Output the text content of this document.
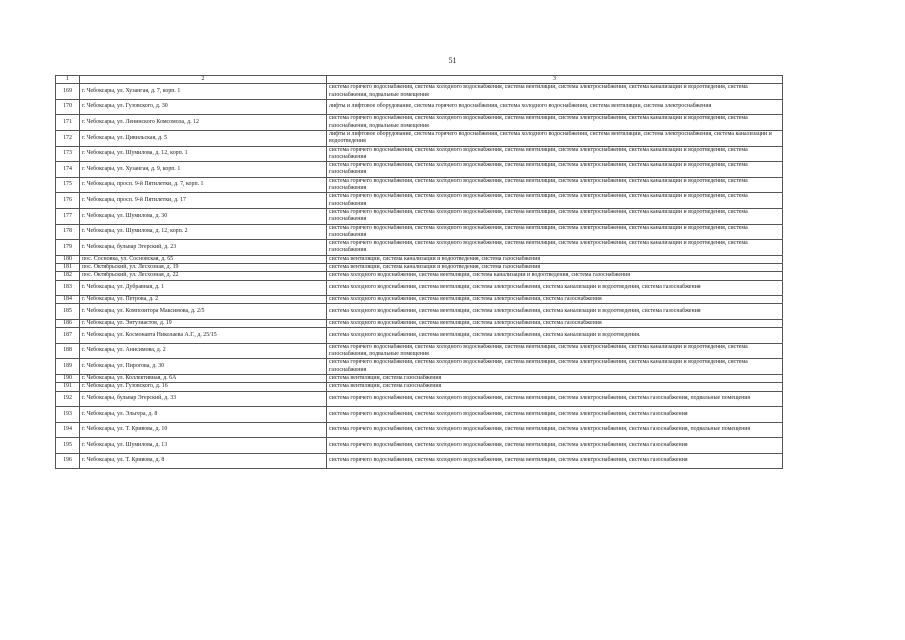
51
1	2	3
169	г. Чебоксары, ул. Хузангая, д. 7, корп. 1	система горячего водоснабжения, система холодного водоснабжения, система вентиляции, система электроснабжения, система канализации и водоотведения, система газоснабжения, подвальные помещения
170	г. Чебоксары, ул. Гузовского, д. 30	лифты и лифтовое оборудование, система горячего водоснабжения, система холодного водоснабжения, система вентиляции, система электроснабжения
171	г. Чебоксары, ул. Ленинского Комсомола, д. 12	система горячего водоснабжения, система холодного водоснабжения, система вентиляции, система электроснабжения, система канализации и водоотведения, система газоснабжения, подвальные помещения
172	г. Чебоксары, ул. Цивильская, д. 5	лифты и лифтовое оборудование, система горячего водоснабжения, система холодного водоснабжения, система вентиляции, система электроснабжения, система канализации и водоотведения
173	г. Чебоксары, ул. Шумилова, д. 12, корп. 1	система горячего водоснабжения, система холодного водоснабжения, система вентиляции, система электроснабжения, система канализации и водоотведения, система газоснабжения
174	г. Чебоксары, ул. Хузангая, д. 9, корп. 1	система горячего водоснабжения, система холодного водоснабжения, система вентиляции, система электроснабжения, система канализации и водоотведения, система газоснабжения
175	г. Чебоксары, просп. 9-й Пятилетки, д. 7, корп. 1	система горячего водоснабжения, система холодного водоснабжения, система вентиляции, система электроснабжения, система канализации и водоотведения, система газоснабжения
176	г. Чебоксары, просп. 9-й Пятилетки, д. 17	система горячего водоснабжения, система холодного водоснабжения, система вентиляции, система электроснабжения, система канализации и водоотведения, система газоснабжения
177	г. Чебоксары, ул. Шумилова, д. 30	система горячего водоснабжения, система холодного водоснабжения, система вентиляции, система электроснабжения, система канализации и водоотведения, система газоснабжения
178	г. Чебоксары, ул. Шумилова, д. 12, корп. 2	система горячего водоснабжения, система холодного водоснабжения, система вентиляции, система электроснабжения, система канализации и водоотведения, система газоснабжения
179	г. Чебоксары, бульвар Эгерский, д. 23	система горячего водоснабжения, система холодного водоснабжения, система вентиляции, система электроснабжения, система канализации и водоотведения, система газоснабжения
180	пос. Сосновка, ул. Сосновская, д. 65	система вентиляции, система канализации и водоотведения, система газоснабжения
181	пос. Октябрьский, ул. Лесхозная, д. 19	система вентиляции, система канализации и водоотведения, система газоснабжения
182	пос. Октябрьский, ул. Лесхозная, д. 22	система холодного водоснабжения, система вентиляции, система канализации и водоотведения, система газоснабжения
183	г. Чебоксары, ул. Дубравная, д. 1	система холодного водоснабжения, система вентиляции, система электроснабжения, система канализации и водоотведения, система газоснабжения
184	г. Чебоксары, ул. Петрова, д. 2	система холодного водоснабжения, система вентиляции, система электроснабжения, система газоснабжения
185	г. Чебоксары, ул. Композитора Максимова, д. 2/5	система холодного водоснабжения, система вентиляции, система электроснабжения, система канализации и водоотведения, система газоснабжения
186	г. Чебоксары, ул. Энтузиастов, д. 19	система холодного водоснабжения, система вентиляции, система электроснабжения, система газоснабжения
187	г. Чебоксары, ул. Космонавта Николаева А.Г., д. 25/15	система холодного водоснабжения, система вентиляции, система электроснабжения, система канализации и водоотведения.
188	г. Чебоксары, ул. Анисимова, д. 2	система горячего водоснабжения, система холодного водоснабжения, система вентиляции, система электроснабжения, система канализации и водоотведения, система газоснабжения, подвальные помещения
189	г. Чебоксары, ул. Пирогова, д. 30	система горячего водоснабжения, система холодного водоснабжения, система вентиляции, система электроснабжения, система канализации и водоотведения, система газоснабжения
190	г. Чебоксары, ул. Коллективная, д. 6А	система вентиляции, система газоснабжения
191	г. Чебоксары, ул. Гузовского, д. 16	система вентиляции, система газоснабжения
192	г. Чебоксары, бульвар Эгерский, д. 33	система горячего водоснабжения, система холодного водоснабжения, система вентиляции, система электроснабжения, система газоснабжения, подвальные помещения
193	г. Чебоксары, ул. Эльгера, д. 8	система горячего водоснабжения, система холодного водоснабжения, система вентиляции, система электроснабжения, система газоснабжения
194	г. Чебоксары, ул. Т. Кривова, д. 10	система горячего водоснабжения, система холодного водоснабжения, система вентиляции, система электроснабжения, система газоснабжения, подвальные помещения
195	г. Чебоксары, ул. Шумилова, д. 13	система горячего водоснабжения, система холодного водоснабжения, система вентиляции, система электроснабжения, система газоснабжения
196	г. Чебоксары, ул. Т. Кривова, д. 8	система горячего водоснабжения, система холодного водоснабжения, система вентиляции, система электроснабжения, система газоснабжения
